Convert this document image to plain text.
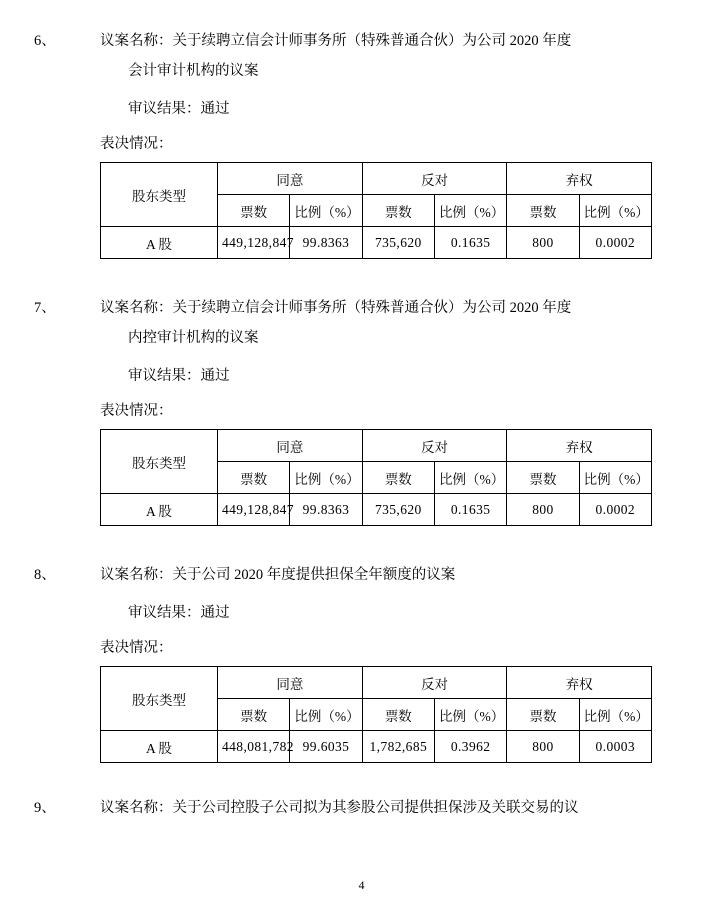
6、	议案名称：关于续聘立信会计师事务所（特殊普通合伙）为公司 2020 年度
会计审计机构的议案
审议结果：通过
表决情况：
股东类型	同意		反对		弃权	
	票数	比例（%）	票数	比例（%）	票数	比例（%）
A 股	449,128,847	99.8363	735,620	0.1635	800	0.0002
7、	议案名称：关于续聘立信会计师事务所（特殊普通合伙）为公司 2020 年度
内控审计机构的议案
审议结果：通过
表决情况：
股东类型	同意		反对		弃权	
	票数	比例（%）	票数	比例（%）	票数	比例（%）
A 股	449,128,847	99.8363	735,620	0.1635	800	0.0002
8、	议案名称：关于公司 2020 年度提供担保全年额度的议案
审议结果：通过
表决情况：
股东类型	同意		反对		弃权	
	票数	比例（%）	票数	比例（%）	票数	比例（%）
A 股	448,081,782	99.6035	1,782,685	0.3962	800	0.0003
9、	议案名称：关于公司控股子公司拟为其参股公司提供担保涉及关联交易的议
4
